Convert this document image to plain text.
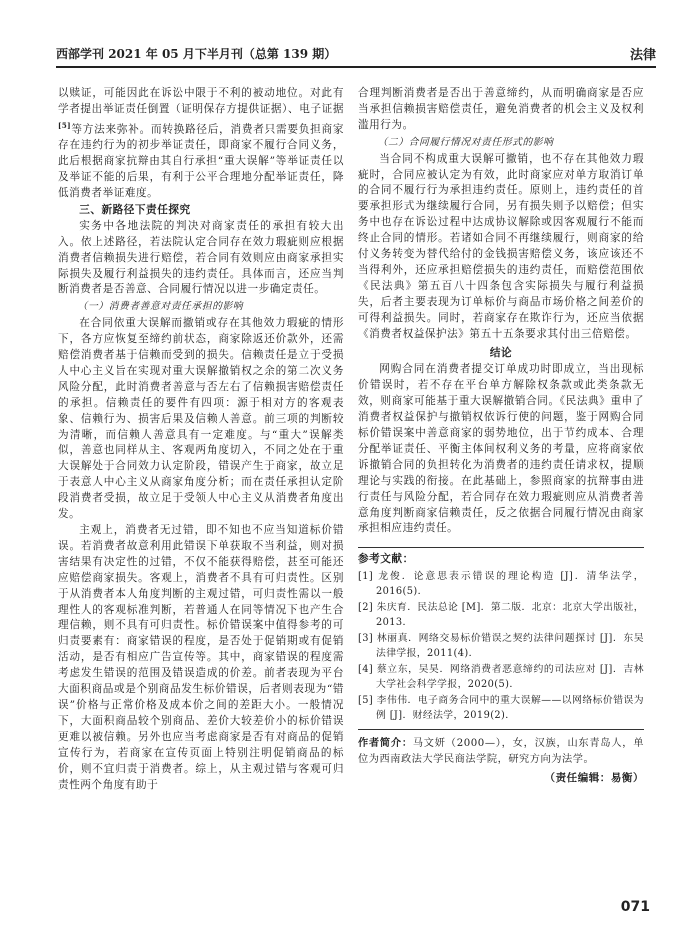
西部学刊 2021 年 05 月下半月刊（总第 139 期）	法律

以赎证，可能因此在诉讼中限于不利的被动地位。对此有学者提出举证责任倒置（证明保存方提供证据）、电子证据[5]等方法来弥补。而转换路径后，消费者只需要负担商家存在违约行为的初步举证责任，即商家不履行合同义务，此后根据商家抗辩由其自行承担“重大误解”等举证责任以及举证不能的后果，有利于公平合理地分配举证责任，降低消费者举证难度。

三、新路径下责任探究

实务中各地法院的判决对商家责任的承担有较大出入。依上述路径，若法院认定合同存在效力瑕疵则应根据消费者信赖损失进行赔偿，若合同有效则应由商家承担实际损失及履行利益损失的违约责任。具体而言，还应当判断消费者是否善意、合同履行情况以进一步确定责任。

（一）消费者善意对责任承担的影响

在合同依重大误解而撤销或存在其他效力瑕疵的情形下，各方应恢复至缔约前状态，商家除返还价款外，还需赔偿消费者基于信赖而受到的损失。信赖责任是立于受损人中心主义旨在实现对重大误解撤销权之余的第二次义务风险分配，此时消费者善意与否左右了信赖损害赔偿责任的承担。信赖责任的要件有四项：源于相对方的客观表象、信赖行为、损害后果及信赖人善意。前三项的判断较为清晰，而信赖人善意具有一定难度。与“重大”误解类似，善意也同样从主、客观两角度切入，不同之处在于重大误解处于合同效力认定阶段，错误产生于商家，故立足于表意人中心主义从商家角度分析；而在责任承担认定阶段消费者受损，故立足于受领人中心主义从消费者角度出发。

主观上，消费者无过错，即不知也不应当知道标价错误。若消费者故意利用此错误下单获取不当利益，则对损害结果有决定性的过错，不仅不能获得赔偿，甚至可能还应赔偿商家损失。客观上，消费者不具有可归责性。区别于从消费者本人角度判断的主观过错，可归责性需以一般理性人的客观标准判断，若普通人在同等情况下也产生合理信赖，则不具有可归责性。标价错误案中值得参考的可归责要素有：商家错误的程度，是否处于促销期或有促销活动，是否有相应广告宣传等。其中，商家错误的程度需考虑发生错误的范围及错误造成的价差。前者表现为平台大面积商品或是个别商品发生标价错误，后者则表现为“错误”价格与正常价格及成本价之间的差距大小。一般情况下，大面积商品较个别商品、差价大较差价小的标价错误更难以被信赖。另外也应当考虑商家是否有对商品的促销宣传行为，若商家在宣传页面上特别注明促销商品的标价，则不宜归责于消费者。综上，从主观过错与客观可归责性两个角度有助于

合理判断消费者是否出于善意缔约，从而明确商家是否应当承担信赖损害赔偿责任，避免消费者的机会主义及权利滥用行为。

（二）合同履行情况对责任形式的影响

当合同不构成重大误解可撤销，也不存在其他效力瑕疵时，合同应被认定为有效，此时商家应对单方取消订单的合同不履行行为承担违约责任。原则上，违约责任的首要承担形式为继续履行合同，另有损失则予以赔偿；但实务中也存在诉讼过程中达成协议解除或因客观履行不能而终止合同的情形。若诸如合同不再继续履行，则商家的给付义务转变为替代给付的金钱损害赔偿义务，该应该还不当得利外，还应承担赔偿损失的违约责任，而赔偿范围依《民法典》第五百八十四条包含实际损失与履行利益损失，后者主要表现为订单标价与商品市场价格之间差价的可得利益损失。同时，若商家存在欺诈行为，还应当依据《消费者权益保护法》第五十五条要求其付出三倍赔偿。

结论

网购合同在消费者提交订单成功时即成立，当出现标价错误时，若不存在平台单方解除权条款或此类条款无效，则商家可能基于重大误解撤销合同。《民法典》重申了消费者权益保护与撤销权依诉行使的问题，鉴于网购合同标价错误案中善意商家的弱势地位，出于节约成本、合理分配举证责任、平衡主体间权利义务的考量，应将商家依诉撤销合同的负担转化为消费者的违约责任请求权，提顺理论与实践的衔接。在此基础上，参照商家的抗辩事由进行责任与风险分配，若合同存在效力瑕疵则应从消费者善意角度判断商家信赖责任，反之依据合同履行情况由商家承担相应违约责任。

参考文献：
[1] 龙俊．论意思表示错误的理论构造 [J]．清华法学，2016(5)．
[2] 朱庆育．民法总论 [M]．第二版．北京：北京大学出版社，2013．
[3] 林丽真．网络交易标价错误之契约法律问题探讨 [J]．东吴法律学报，2011(4)．
[4] 蔡立东，吴昊．网络消费者恶意缔约的司法应对 [J]．吉林大学社会科学学报，2020(5)．
[5] 李伟伟．电子商务合同中的重大误解——以网络标价错误为例 [J]．财经法学，2019(2)．
作者简介：马文妍（2000—），女，汉族，山东青岛人，单位为西南政法大学民商法学院，研究方向为法学。
（责任编辑：易衡）
071
